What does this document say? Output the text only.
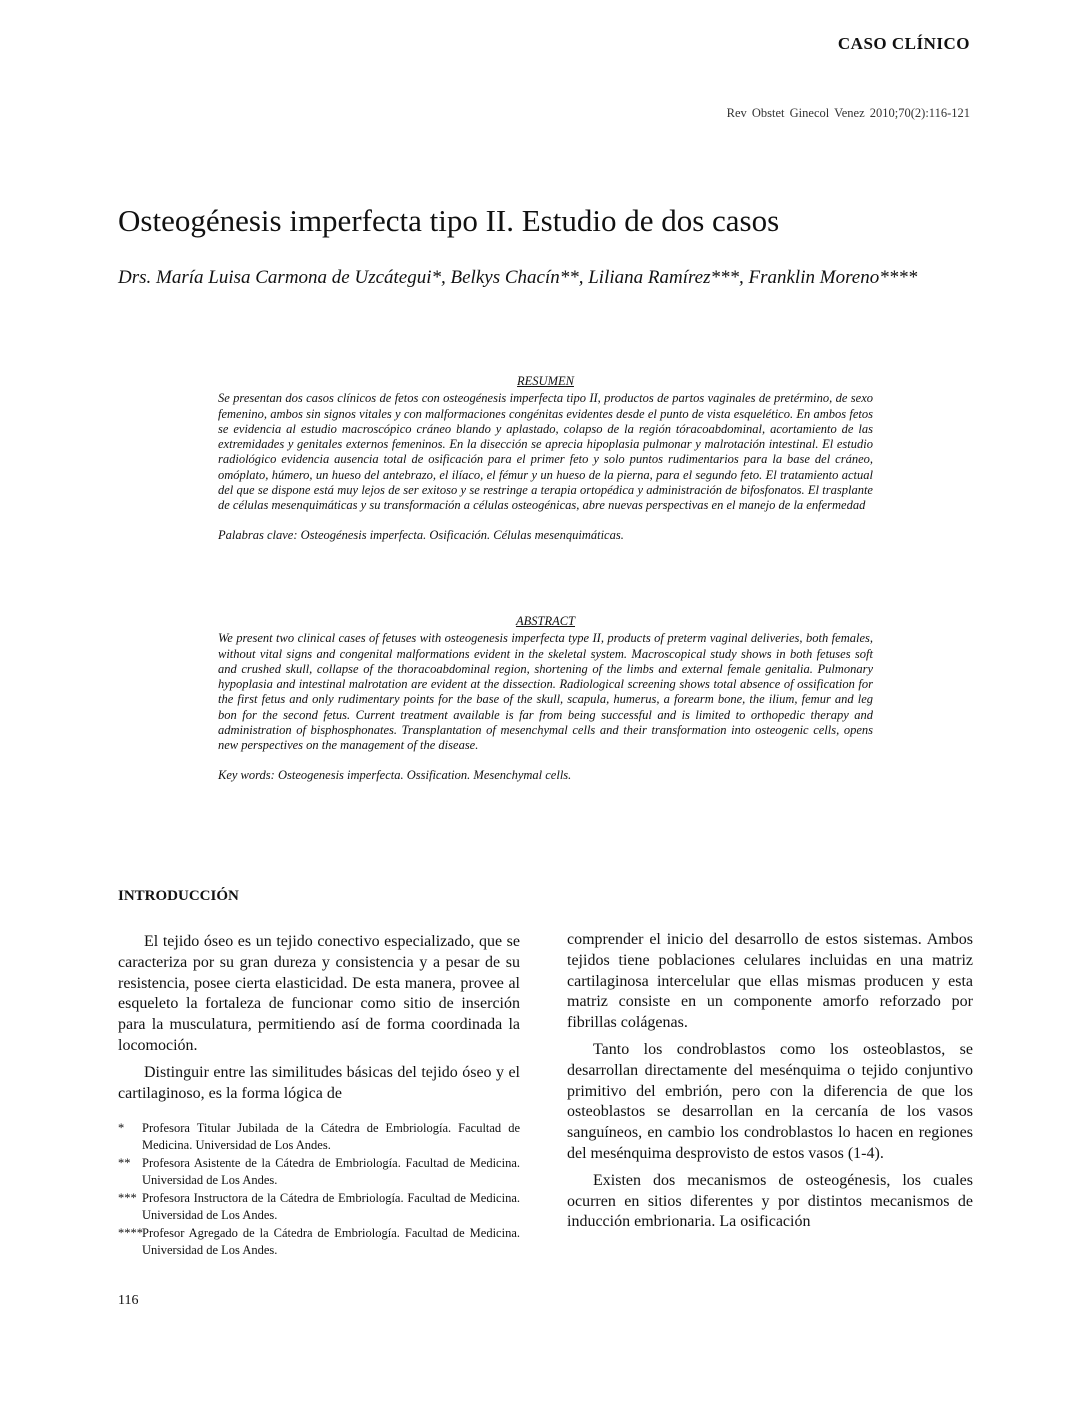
CASO CLÍNICO
Rev Obstet Ginecol Venez 2010;70(2):116-121
Osteogénesis imperfecta tipo II. Estudio de dos casos

Drs. María Luisa Carmona de Uzcátegui*, Belkys Chacín**, Liliana Ramírez***, Franklin Moreno****

RESUMEN

Se presentan dos casos clínicos de fetos con osteogénesis imperfecta tipo II, productos de partos vaginales de pretérmino, de sexo femenino, ambos sin signos vitales y con malformaciones congénitas evidentes desde el punto de vista esquelético. En ambos fetos se evidencia al estudio macroscópico cráneo blando y aplastado, colapso de la región tóracoabdominal, acortamiento de las extremidades y genitales externos femeninos. En la disección se aprecia hipoplasia pulmonar y malrotación intestinal. El estudio radiológico evidencia ausencia total de osificación para el primer feto y solo puntos rudimentarios para la base del cráneo, omóplato, húmero, un hueso del antebrazo, el ilíaco, el fémur y un hueso de la pierna, para el segundo feto. El tratamiento actual del que se dispone está muy lejos de ser exitoso y se restringe a terapia ortopédica y administración de bifosfonatos. El trasplante de células mesenquimáticas y su transformación a células osteogénicas, abre nuevas perspectivas en el manejo de la enfermedad

Palabras clave: Osteogénesis imperfecta. Osificación. Células mesenquimáticas.

ABSTRACT

We present two clinical cases of fetuses with osteogenesis imperfecta type II, products of preterm vaginal deliveries, both females, without vital signs and congenital malformations evident in the skeletal system. Macroscopical study shows in both fetuses soft and crushed skull, collapse of the thoracoabdominal region, shortening of the limbs and external female genitalia. Pulmonary hypoplasia and intestinal malrotation are evident at the dissection. Radiological screening shows total absence of ossification for the first fetus and only rudimentary points for the base of the skull, scapula, humerus, a forearm bone, the ilium, femur and leg bon for the second fetus. Current treatment available is far from being successful and is limited to orthopedic therapy and administration of bisphosphonates. Transplantation of mesenchymal cells and their transformation into osteogenic cells, opens new perspectives on the management of the disease.

Key words: Osteogenesis imperfecta. Ossification. Mesenchymal cells.

INTRODUCCIÓN

El tejido óseo es un tejido conectivo especializado, que se caracteriza por su gran dureza y consistencia y a pesar de su resistencia, posee cierta elasticidad. De esta manera, provee al esqueleto la fortaleza de funcionar como sitio de inserción para la musculatura, permitiendo así de forma coordinada la locomoción.

Distinguir entre las similitudes básicas del tejido óseo y el cartilaginoso, es la forma lógica de

comprender el inicio del desarrollo de estos sistemas. Ambos tejidos tiene poblaciones celulares incluidas en una matriz cartilaginosa intercelular que ellas mismas producen y esta matriz consiste en un componente amorfo reforzado por fibrillas colágenas.

Tanto los condroblastos como los osteoblastos, se desarrollan directamente del mesénquima o tejido conjuntivo primitivo del embrión, pero con la diferencia de que los osteoblastos se desarrollan en la cercanía de los vasos sanguíneos, en cambio los condroblastos lo hacen en regiones del mesénquima desprovisto de estos vasos (1-4).

Existen dos mecanismos de osteogénesis, los cuales ocurren en sitios diferentes y por distintos mecanismos de inducción embrionaria. La osificación

*	Profesora Titular Jubilada de la Cátedra de Embriología. Facultad de Medicina. Universidad de Los Andes.
** Profesora Asistente de la Cátedra de Embriología. Facultad de Medicina. Universidad de Los Andes.
*** Profesora Instructora de la Cátedra de Embriología. Facultad de Medicina. Universidad de Los Andes.
**** Profesor Agregado de la Cátedra de Embriología. Facultad de Medicina. Universidad de Los Andes.
116
